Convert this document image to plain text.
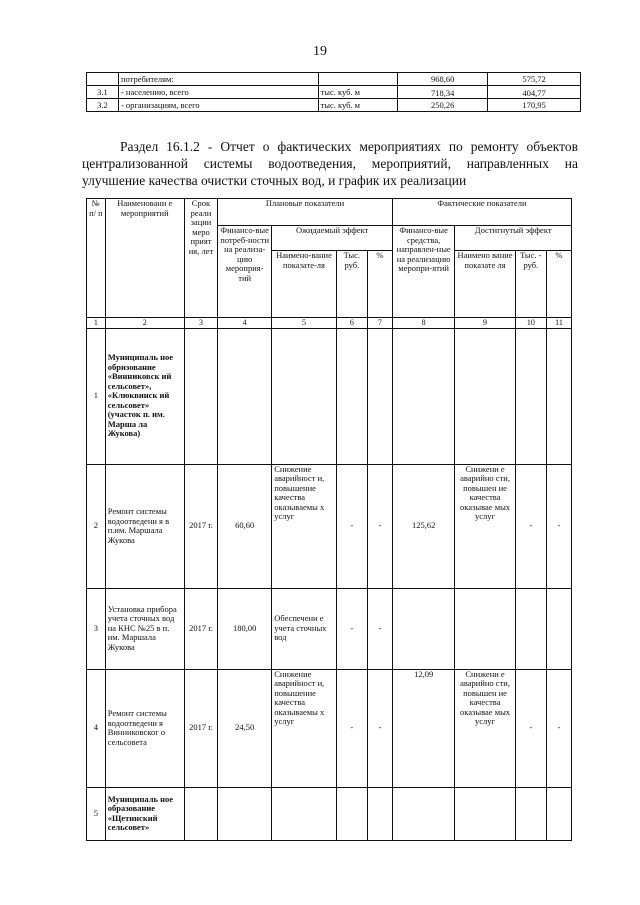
19
	потребителям:		968,60	575,72
3.1	- населению, всего	тыс. куб. м	718,34	404,77
3.2	- организациям, всего	тыс. куб. м	250,26	170,95
Раздел 16.1.2 - Отчет о фактических мероприятиях по ремонту объектов централизованной системы водоотведения, мероприятий, направленных на улучшение качества очистки сточных вод, и график их реализации
№ п/ п	Наименовани е мероприятий	Срок реали зации меро прият ия, лет	Плановые показатели				Фактические показатели			
			Финансо-вые потреб-ности на реализа-цию мероприя-тий	Ожидаемый эффект			Финансо-вые средства, направлен-ные на реализацию меропри-ятий	Достигнутый эффект		
				Наимено-вание показате-ля	Тыс. руб.	%		Наимено вание показате ля	Тыс. - руб.	%
1	2	3	4	5	6	7	8	9	10	11
1	Муниципаль ное обризование «Винниковск ий сельсовет», «Клюквинск ий сельсовет» (участок п. им. Марша ла Жукова)									
2	Ремонт системы водоотведени я в п.им. Маршала Жукова	2017 г.	60,60	Снижение аварийност и, повышение качества оказываемы х услуг	-	-	125,62	Снижени е аварийно сти, повышен ие качества оказывае мых услуг	-	-
3	Установка прибора учета сточных вод на КНС №25 в п. им. Маршала Жукова	2017 г.	180,00	Обеспечени е учета сточных вод	-	-				
4	Ремонт системы водоотведени я Винниковског о сельсовета	2017 г.	24,50	Снижение аварийност и, повышение качества оказываемы х услуг	-	-	12,09	Снижени е аварийно сти, повышен ие качества оказывае мых услуг	-	-
5	Муниципаль ное образование «Щетинский сельсовет»									
